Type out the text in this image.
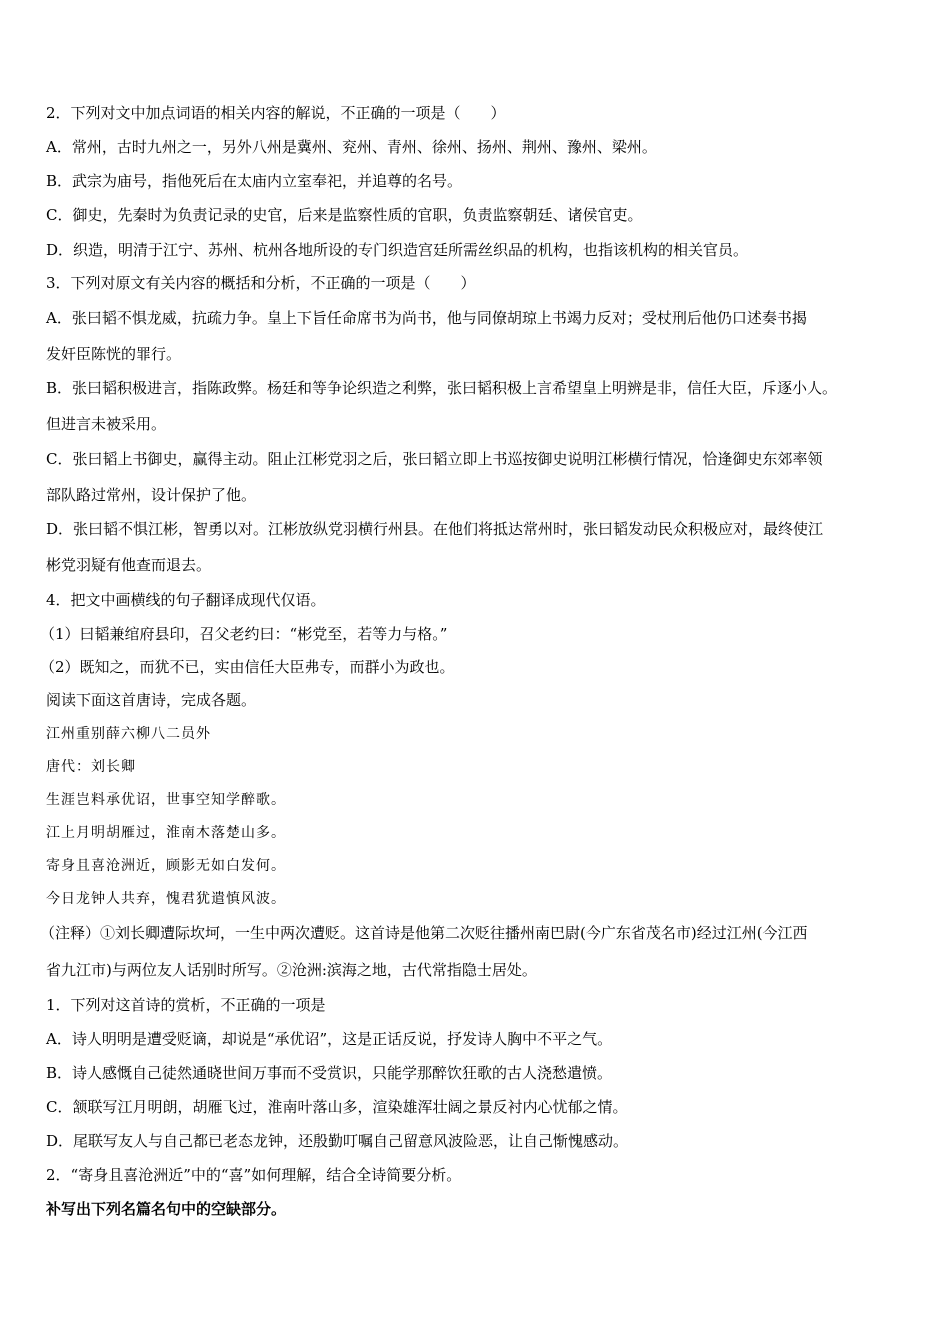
2．下列对文中加点词语的相关内容的解说，不正确的一项是（　　）
A．常州，古时九州之一，另外八州是冀州、兖州、青州、徐州、扬州、荆州、豫州、梁州。
B．武宗为庙号，指他死后在太庙内立室奉祀，并追尊的名号。
C．御史，先秦时为负责记录的史官，后来是监察性质的官职，负责监察朝廷、诸侯官吏。
D．织造，明清于江宁、苏州、杭州各地所设的专门织造宫廷所需丝织品的机构，也指该机构的相关官员。
3．下列对原文有关内容的概括和分析，不正确的一项是（　　）
A．张曰韬不惧龙威，抗疏力争。皇上下旨任命席书为尚书，他与同僚胡琼上书竭力反对；受杖刑后他仍口述奏书揭
发奸臣陈恍的罪行。
B．张曰韬积极进言，指陈政弊。杨廷和等争论织造之利弊，张曰韬积极上言希望皇上明辨是非，信任大臣，斥逐小人。
但进言未被采用。
C．张曰韬上书御史，赢得主动。阻止江彬党羽之后，张曰韬立即上书巡按御史说明江彬横行情况，恰逢御史东郊率领
部队路过常州，设计保护了他。
D．张曰韬不惧江彬，智勇以对。江彬放纵党羽横行州县。在他们将抵达常州时，张曰韬发动民众积极应对，最终使江
彬党羽疑有他查而退去。
4．把文中画横线的句子翻译成现代仅语。
（1）曰韬兼绾府县印，召父老约曰：“彬党至，若等力与格。”
（2）既知之，而犹不已，实由信任大臣弗专，而群小为政也。
阅读下面这首唐诗，完成各题。
江州重别薛六柳八二员外
唐代：刘长卿
生涯岂料承优诏，世事空知学醉歌。
江上月明胡雁过，淮南木落楚山多。
寄身且喜沧洲近，顾影无如白发何。
今日龙钟人共弃，愧君犹遣慎风波。
（注释）①刘长卿遭际坎坷，一生中两次遭贬。这首诗是他第二次贬往播州南巴尉(今广东省茂名市)经过江州(今江西
省九江市)与两位友人话别时所写。②沧洲:滨海之地，古代常指隐士居处。
1．下列对这首诗的赏析，不正确的一项是
A．诗人明明是遭受贬谪，却说是“承优诏”，这是正话反说，抒发诗人胸中不平之气。
B．诗人感慨自己徒然通晓世间万事而不受赏识，只能学那醉饮狂歌的古人浇愁遣愤。
C．颔联写江月明朗，胡雁飞过，淮南叶落山多，渲染雄浑壮阔之景反衬内心忧郁之情。
D．尾联写友人与自己都已老态龙钟，还殷勤叮嘱自己留意风波险恶，让自己惭愧感动。
2．“寄身且喜沧洲近”中的“喜”如何理解，结合全诗简要分析。
补写出下列名篇名句中的空缺部分。
